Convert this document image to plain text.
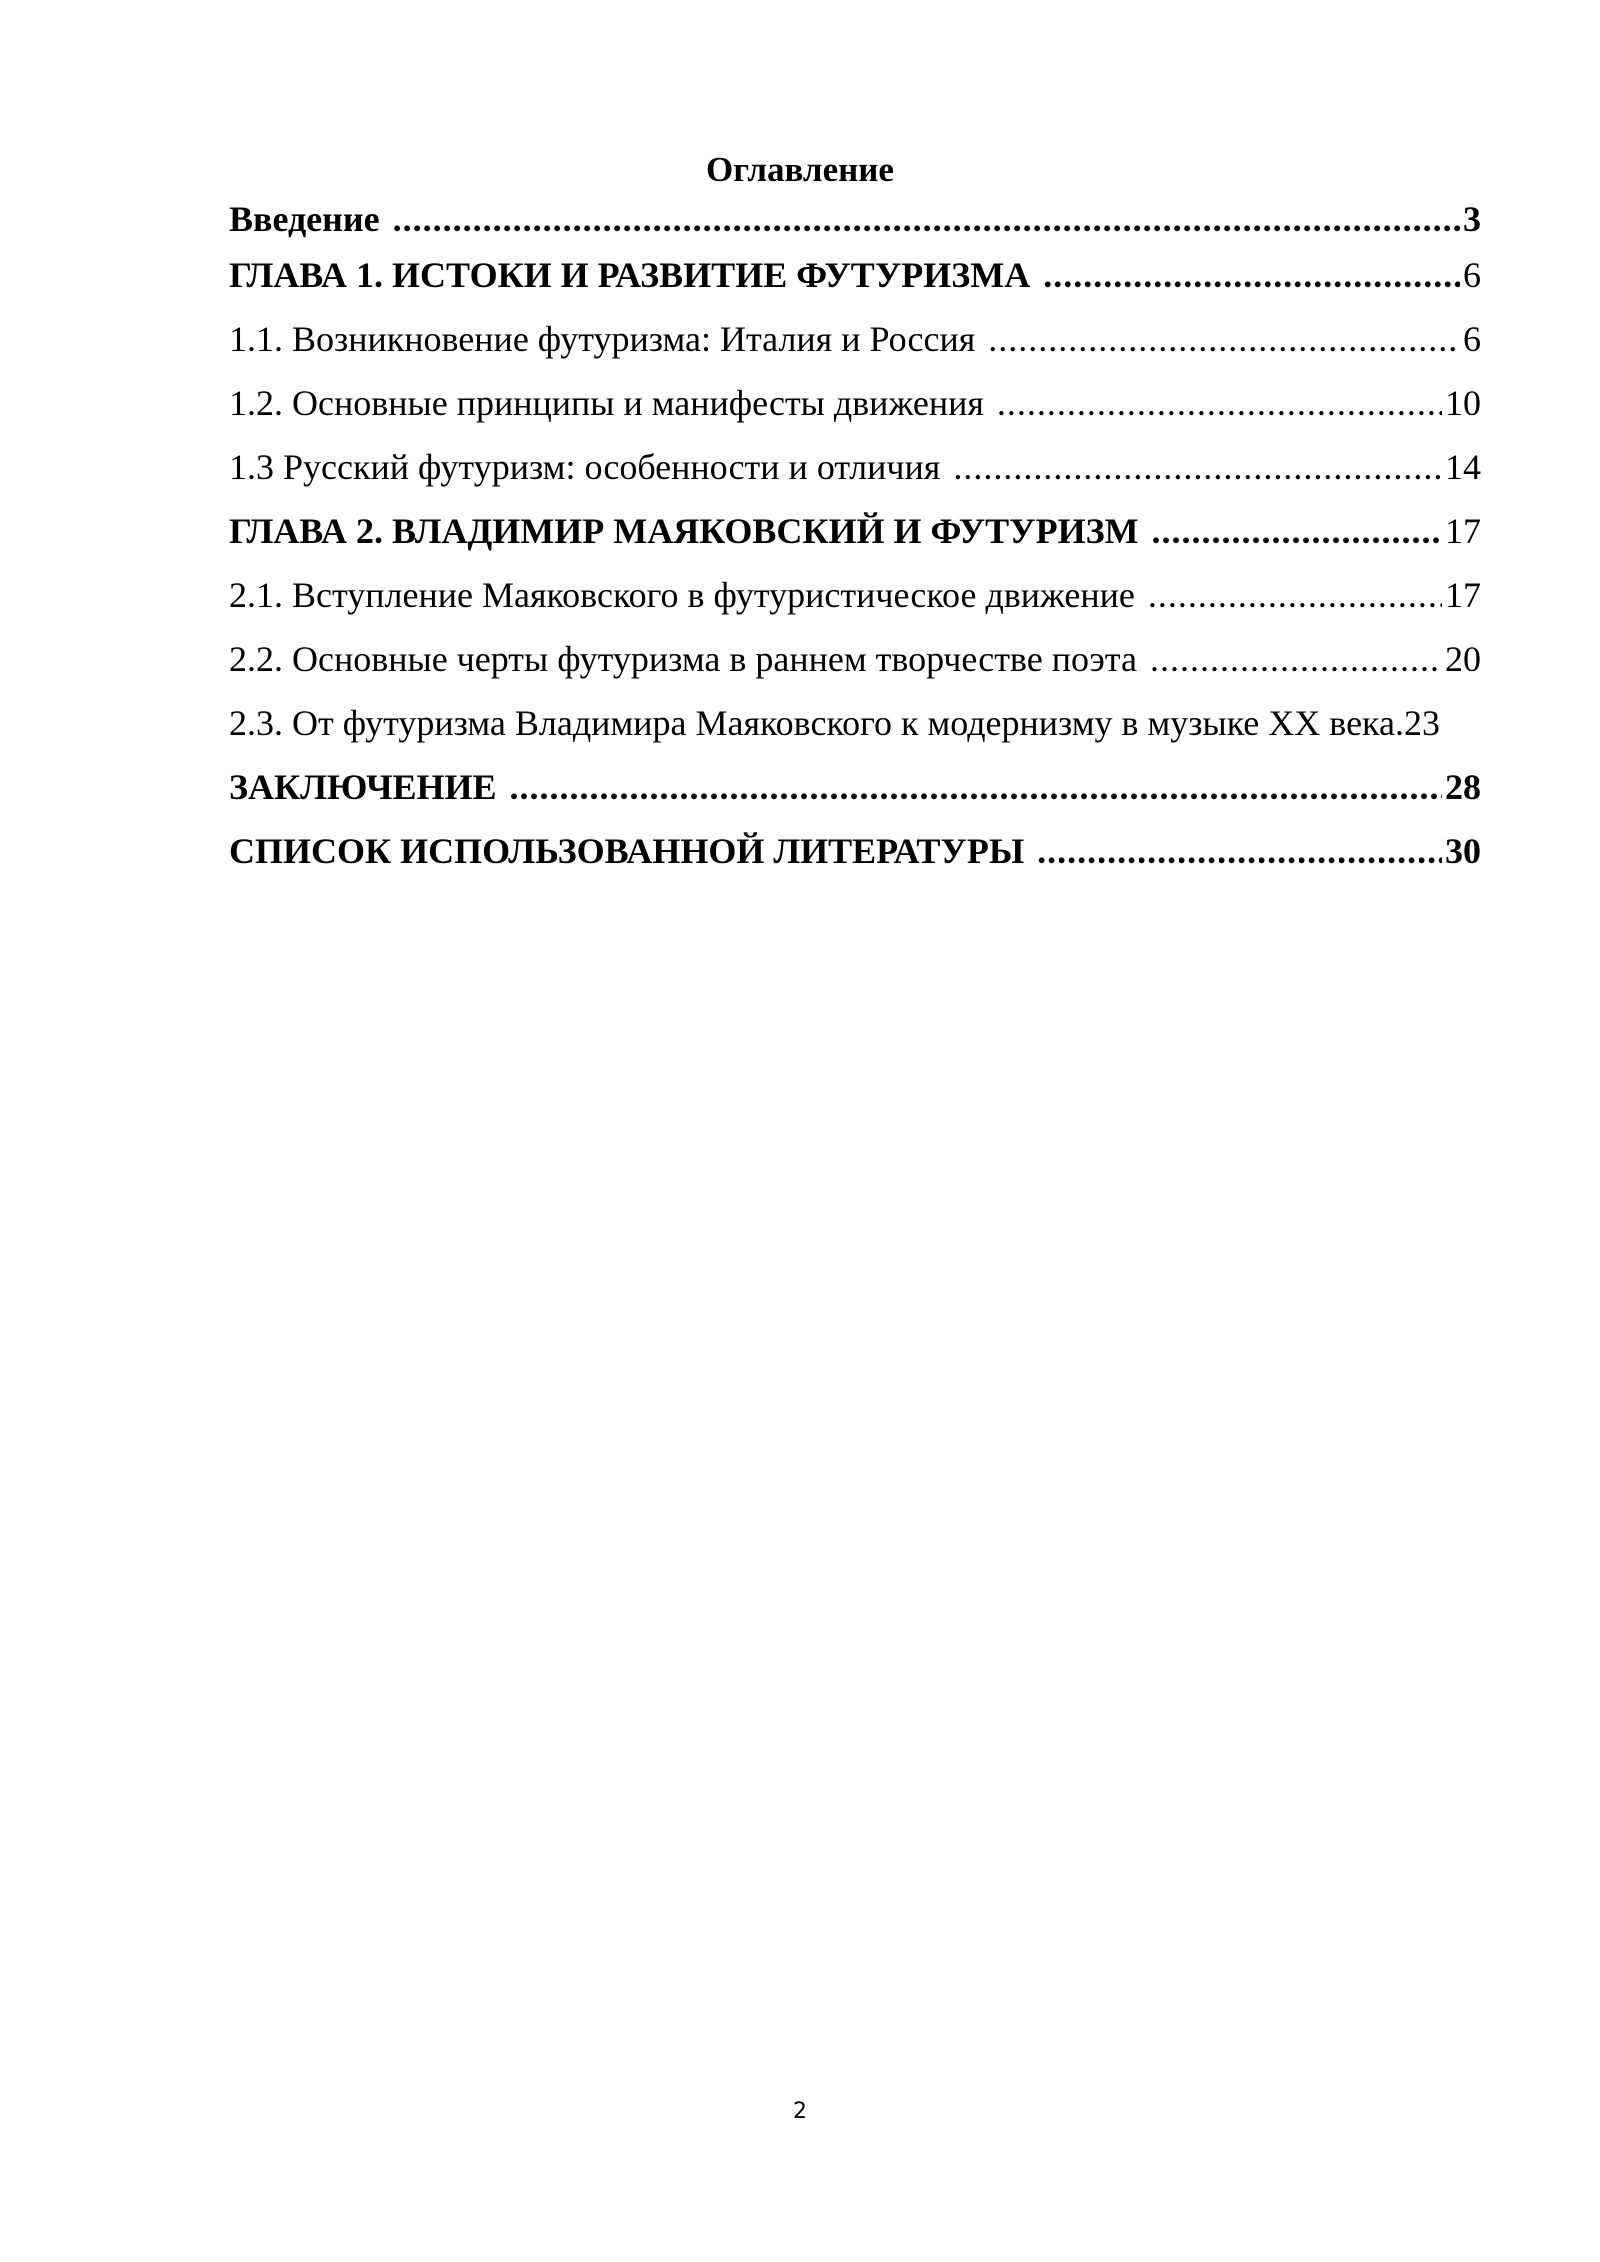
Оглавление
Введение .....	3
ГЛАВА 1. ИСТОКИ И РАЗВИТИЕ ФУТУРИЗМА .....	6
1.1. Возникновение футуризма: Италия и Россия .....	6
1.2. Основные принципы и манифесты движения .....	10
1.3 Русский футуризм: особенности и отличия .....	14
ГЛАВА 2. ВЛАДИМИР МАЯКОВСКИЙ И ФУТУРИЗМ .....	17
2.1. Вступление Маяковского в футуристическое движение .....	17
2.2. Основные черты футуризма в раннем творчестве поэта .....	20
2.3. От футуризма Владимира Маяковского к модернизму в музыке XX века.23
ЗАКЛЮЧЕНИЕ .....	28
СПИСОК ИСПОЛЬЗОВАННОЙ ЛИТЕРАТУРЫ .....	30
2
